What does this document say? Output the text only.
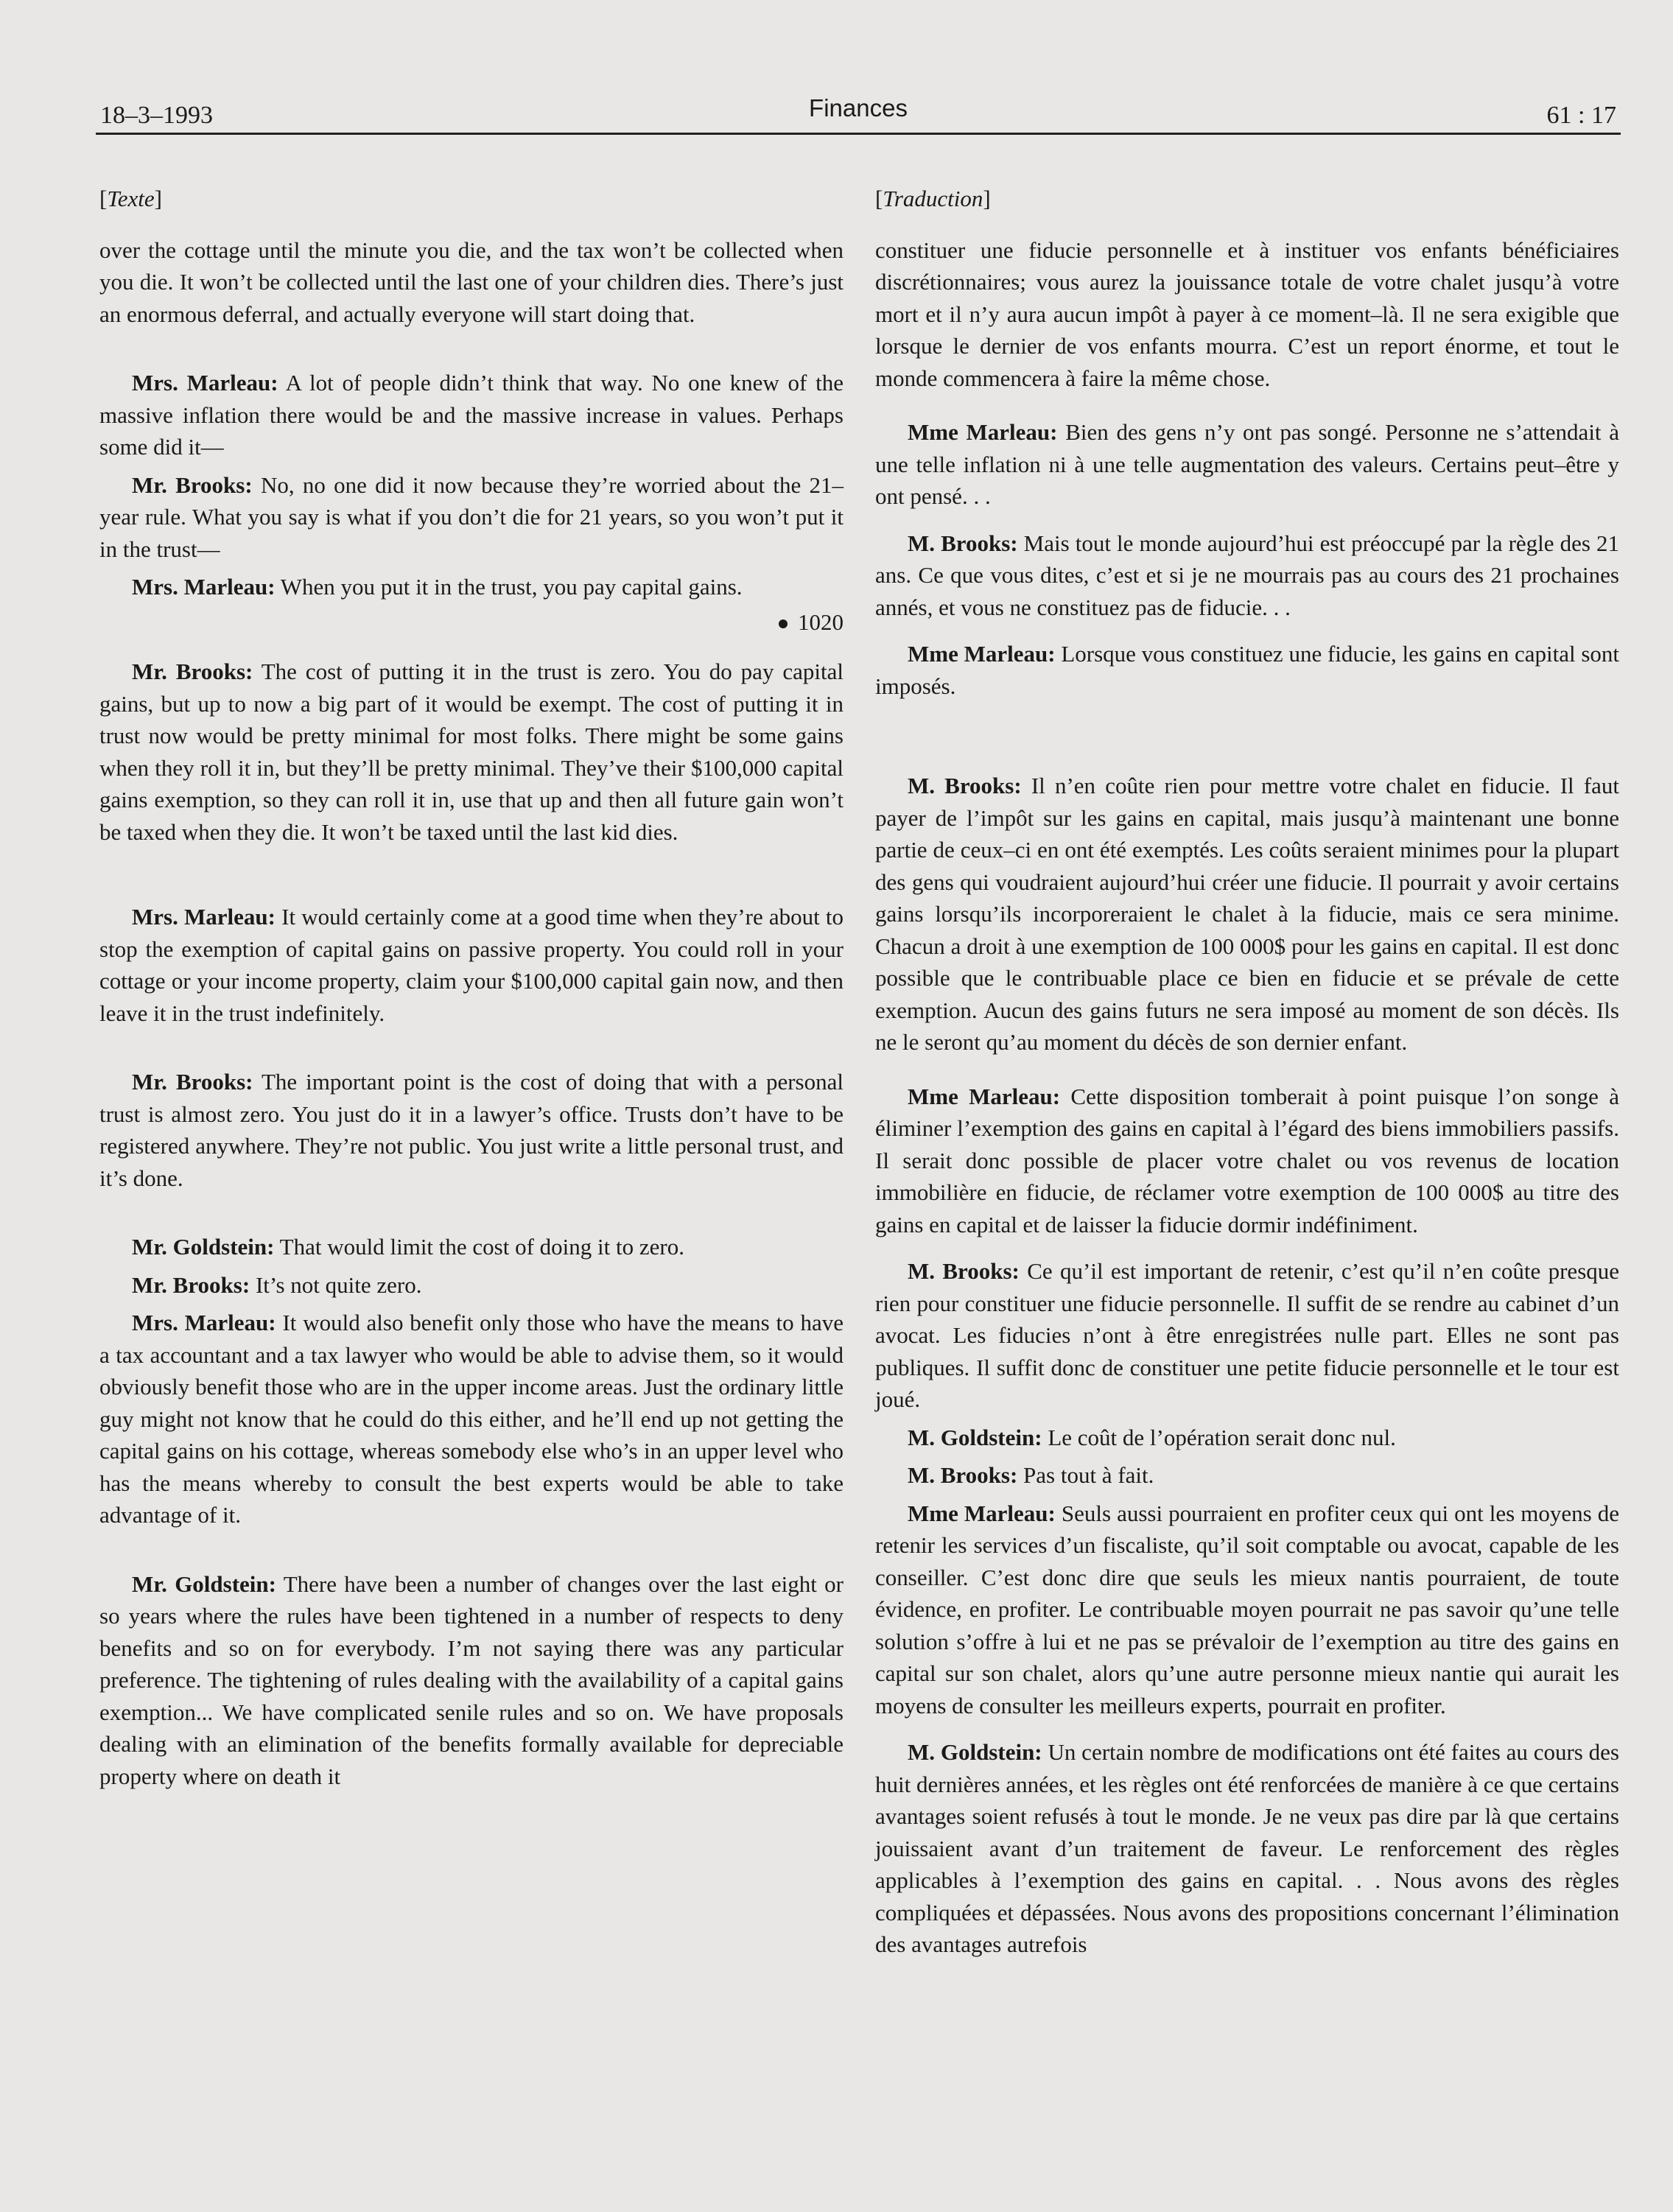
18–3–1993	Finances	61 : 17
[Texte]

over the cottage until the minute you die, and the tax won’t be collected when you die. It won’t be collected until the last one of your children dies. There’s just an enormous deferral, and actually everyone will start doing that.

Mrs. Marleau: A lot of people didn’t think that way. No one knew of the massive inflation there would be and the massive increase in values. Perhaps some did it—

Mr. Brooks: No, no one did it now because they’re worried about the 21–year rule. What you say is what if you don’t die for 21 years, so you won’t put it in the trust—

Mrs. Marleau: When you put it in the trust, you pay capital gains.

1020

Mr. Brooks: The cost of putting it in the trust is zero. You do pay capital gains, but up to now a big part of it would be exempt. The cost of putting it in trust now would be pretty minimal for most folks. There might be some gains when they roll it in, but they’ll be pretty minimal. They’ve their $100,000 capital gains exemption, so they can roll it in, use that up and then all future gain won’t be taxed when they die. It won’t be taxed until the last kid dies.

Mrs. Marleau: It would certainly come at a good time when they’re about to stop the exemption of capital gains on passive property. You could roll in your cottage or your income property, claim your $100,000 capital gain now, and then leave it in the trust indefinitely.

Mr. Brooks: The important point is the cost of doing that with a personal trust is almost zero. You just do it in a lawyer’s office. Trusts don’t have to be registered anywhere. They’re not public. You just write a little personal trust, and it’s done.

Mr. Goldstein: That would limit the cost of doing it to zero.

Mr. Brooks: It’s not quite zero.

Mrs. Marleau: It would also benefit only those who have the means to have a tax accountant and a tax lawyer who would be able to advise them, so it would obviously benefit those who are in the upper income areas. Just the ordinary little guy might not know that he could do this either, and he’ll end up not getting the capital gains on his cottage, whereas somebody else who’s in an upper level who has the means whereby to consult the best experts would be able to take advantage of it.

Mr. Goldstein: There have been a number of changes over the last eight or so years where the rules have been tightened in a number of respects to deny benefits and so on for everybody. I’m not saying there was any particular preference. The tightening of rules dealing with the availability of a capital gains exemption... We have complicated senile rules and so on. We have proposals dealing with an elimination of the benefits formally available for depreciable property where on death it

[Traduction]

constituer une fiducie personnelle et à instituer vos enfants bénéficiaires discrétionnaires; vous aurez la jouissance totale de votre chalet jusqu’à votre mort et il n’y aura aucun impôt à payer à ce moment–là. Il ne sera exigible que lorsque le dernier de vos enfants mourra. C’est un report énorme, et tout le monde commencera à faire la même chose.

Mme Marleau: Bien des gens n’y ont pas songé. Personne ne s’attendait à une telle inflation ni à une telle augmentation des valeurs. Certains peut–être y ont pensé. . .

M. Brooks: Mais tout le monde aujourd’hui est préoccupé par la règle des 21 ans. Ce que vous dites, c’est et si je ne mourrais pas au cours des 21 prochaines annés, et vous ne constituez pas de fiducie. . .

Mme Marleau: Lorsque vous constituez une fiducie, les gains en capital sont imposés.

M. Brooks: Il n’en coûte rien pour mettre votre chalet en fiducie. Il faut payer de l’impôt sur les gains en capital, mais jusqu’à maintenant une bonne partie de ceux–ci en ont été exemptés. Les coûts seraient minimes pour la plupart des gens qui voudraient aujourd’hui créer une fiducie. Il pourrait y avoir certains gains lorsqu’ils incorporeraient le chalet à la fiducie, mais ce sera minime. Chacun a droit à une exemption de 100 000$ pour les gains en capital. Il est donc possible que le contribuable place ce bien en fiducie et se prévale de cette exemption. Aucun des gains futurs ne sera imposé au moment de son décès. Ils ne le seront qu’au moment du décès de son dernier enfant.

Mme Marleau: Cette disposition tomberait à point puisque l’on songe à éliminer l’exemption des gains en capital à l’égard des biens immobiliers passifs. Il serait donc possible de placer votre chalet ou vos revenus de location immobilière en fiducie, de réclamer votre exemption de 100 000$ au titre des gains en capital et de laisser la fiducie dormir indéfiniment.

M. Brooks: Ce qu’il est important de retenir, c’est qu’il n’en coûte presque rien pour constituer une fiducie personnelle. Il suffit de se rendre au cabinet d’un avocat. Les fiducies n’ont à être enregistrées nulle part. Elles ne sont pas publiques. Il suffit donc de constituer une petite fiducie personnelle et le tour est joué.

M. Goldstein: Le coût de l’opération serait donc nul.

M. Brooks: Pas tout à fait.

Mme Marleau: Seuls aussi pourraient en profiter ceux qui ont les moyens de retenir les services d’un fiscaliste, qu’il soit comptable ou avocat, capable de les conseiller. C’est donc dire que seuls les mieux nantis pourraient, de toute évidence, en profiter. Le contribuable moyen pourrait ne pas savoir qu’une telle solution s’offre à lui et ne pas se prévaloir de l’exemption au titre des gains en capital sur son chalet, alors qu’une autre personne mieux nantie qui aurait les moyens de consulter les meilleurs experts, pourrait en profiter.

M. Goldstein: Un certain nombre de modifications ont été faites au cours des huit dernières années, et les règles ont été renforcées de manière à ce que certains avantages soient refusés à tout le monde. Je ne veux pas dire par là que certains jouissaient avant d’un traitement de faveur. Le renforcement des règles applicables à l’exemption des gains en capital. . . Nous avons des règles compliquées et dépassées. Nous avons des propositions concernant l’élimination des avantages autrefois
